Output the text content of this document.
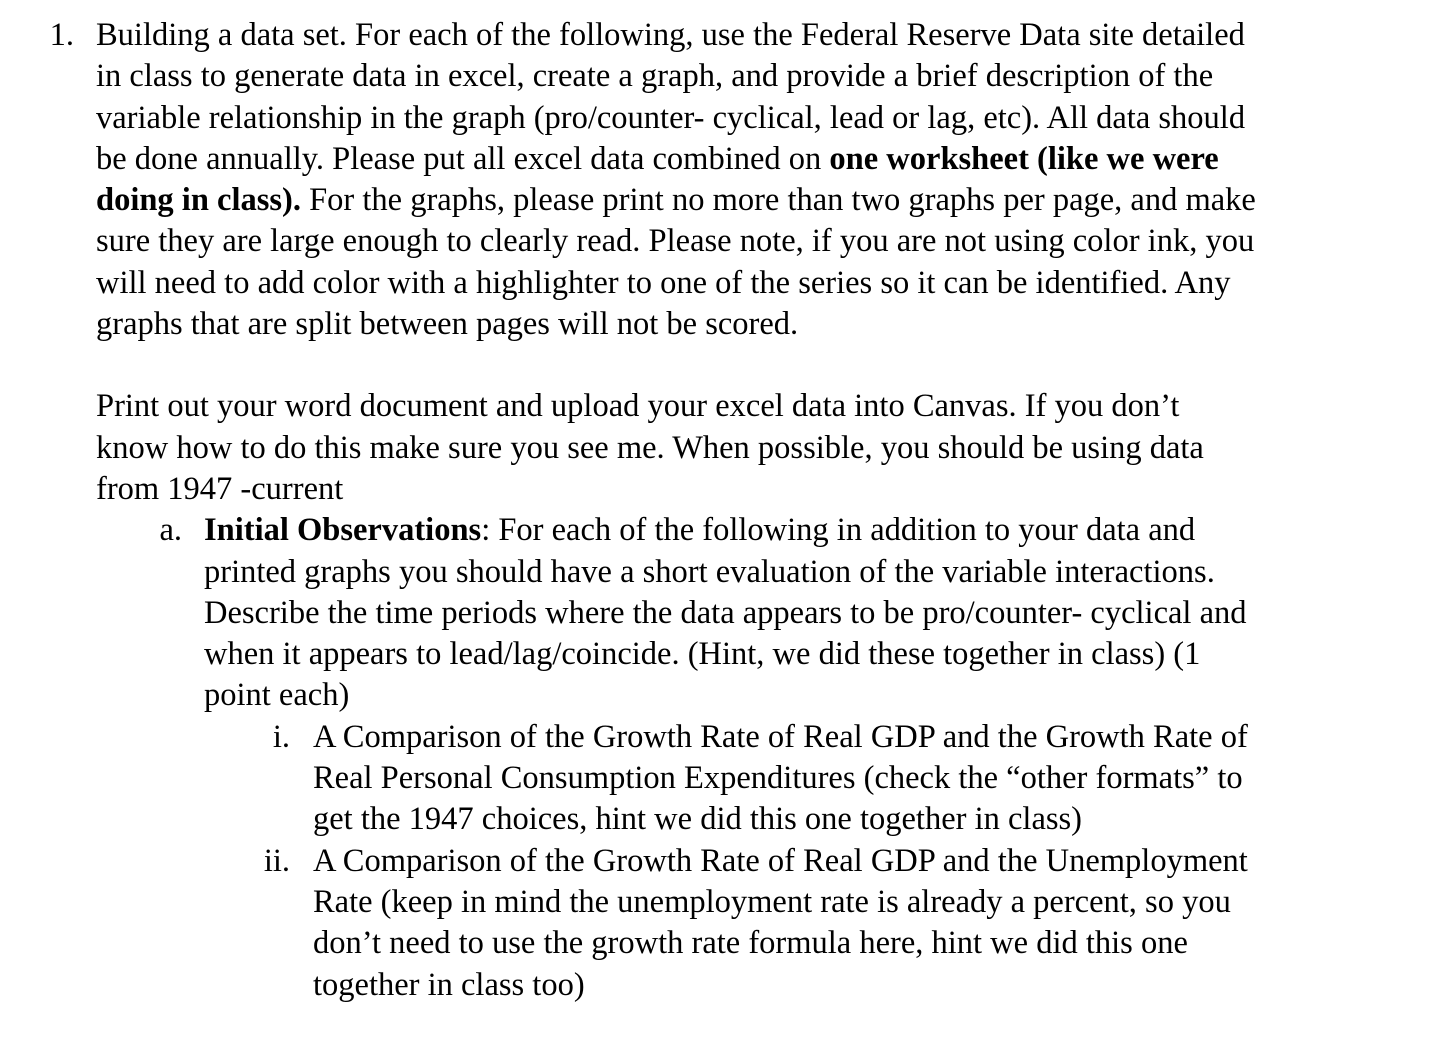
1. Building a data set. For each of the following, use the Federal Reserve Data site detailed
in class to generate data in excel, create a graph, and provide a brief description of the
variable relationship in the graph (pro/counter- cyclical, lead or lag, etc). All data should
be done annually. Please put all excel data combined on one worksheet (like we were
doing in class). For the graphs, please print no more than two graphs per page, and make
sure they are large enough to clearly read. Please note, if you are not using color ink, you
will need to add color with a highlighter to one of the series so it can be identified. Any
graphs that are split between pages will not be scored.
Print out your word document and upload your excel data into Canvas. If you don’t
know how to do this make sure you see me. When possible, you should be using data
from 1947 -current
a. Initial Observations: For each of the following in addition to your data and
printed graphs you should have a short evaluation of the variable interactions.
Describe the time periods where the data appears to be pro/counter- cyclical and
when it appears to lead/lag/coincide. (Hint, we did these together in class) (1
point each)
i. A Comparison of the Growth Rate of Real GDP and the Growth Rate of
Real Personal Consumption Expenditures (check the “other formats” to
get the 1947 choices, hint we did this one together in class)
ii. A Comparison of the Growth Rate of Real GDP and the Unemployment
Rate (keep in mind the unemployment rate is already a percent, so you
don’t need to use the growth rate formula here, hint we did this one
together in class too)
